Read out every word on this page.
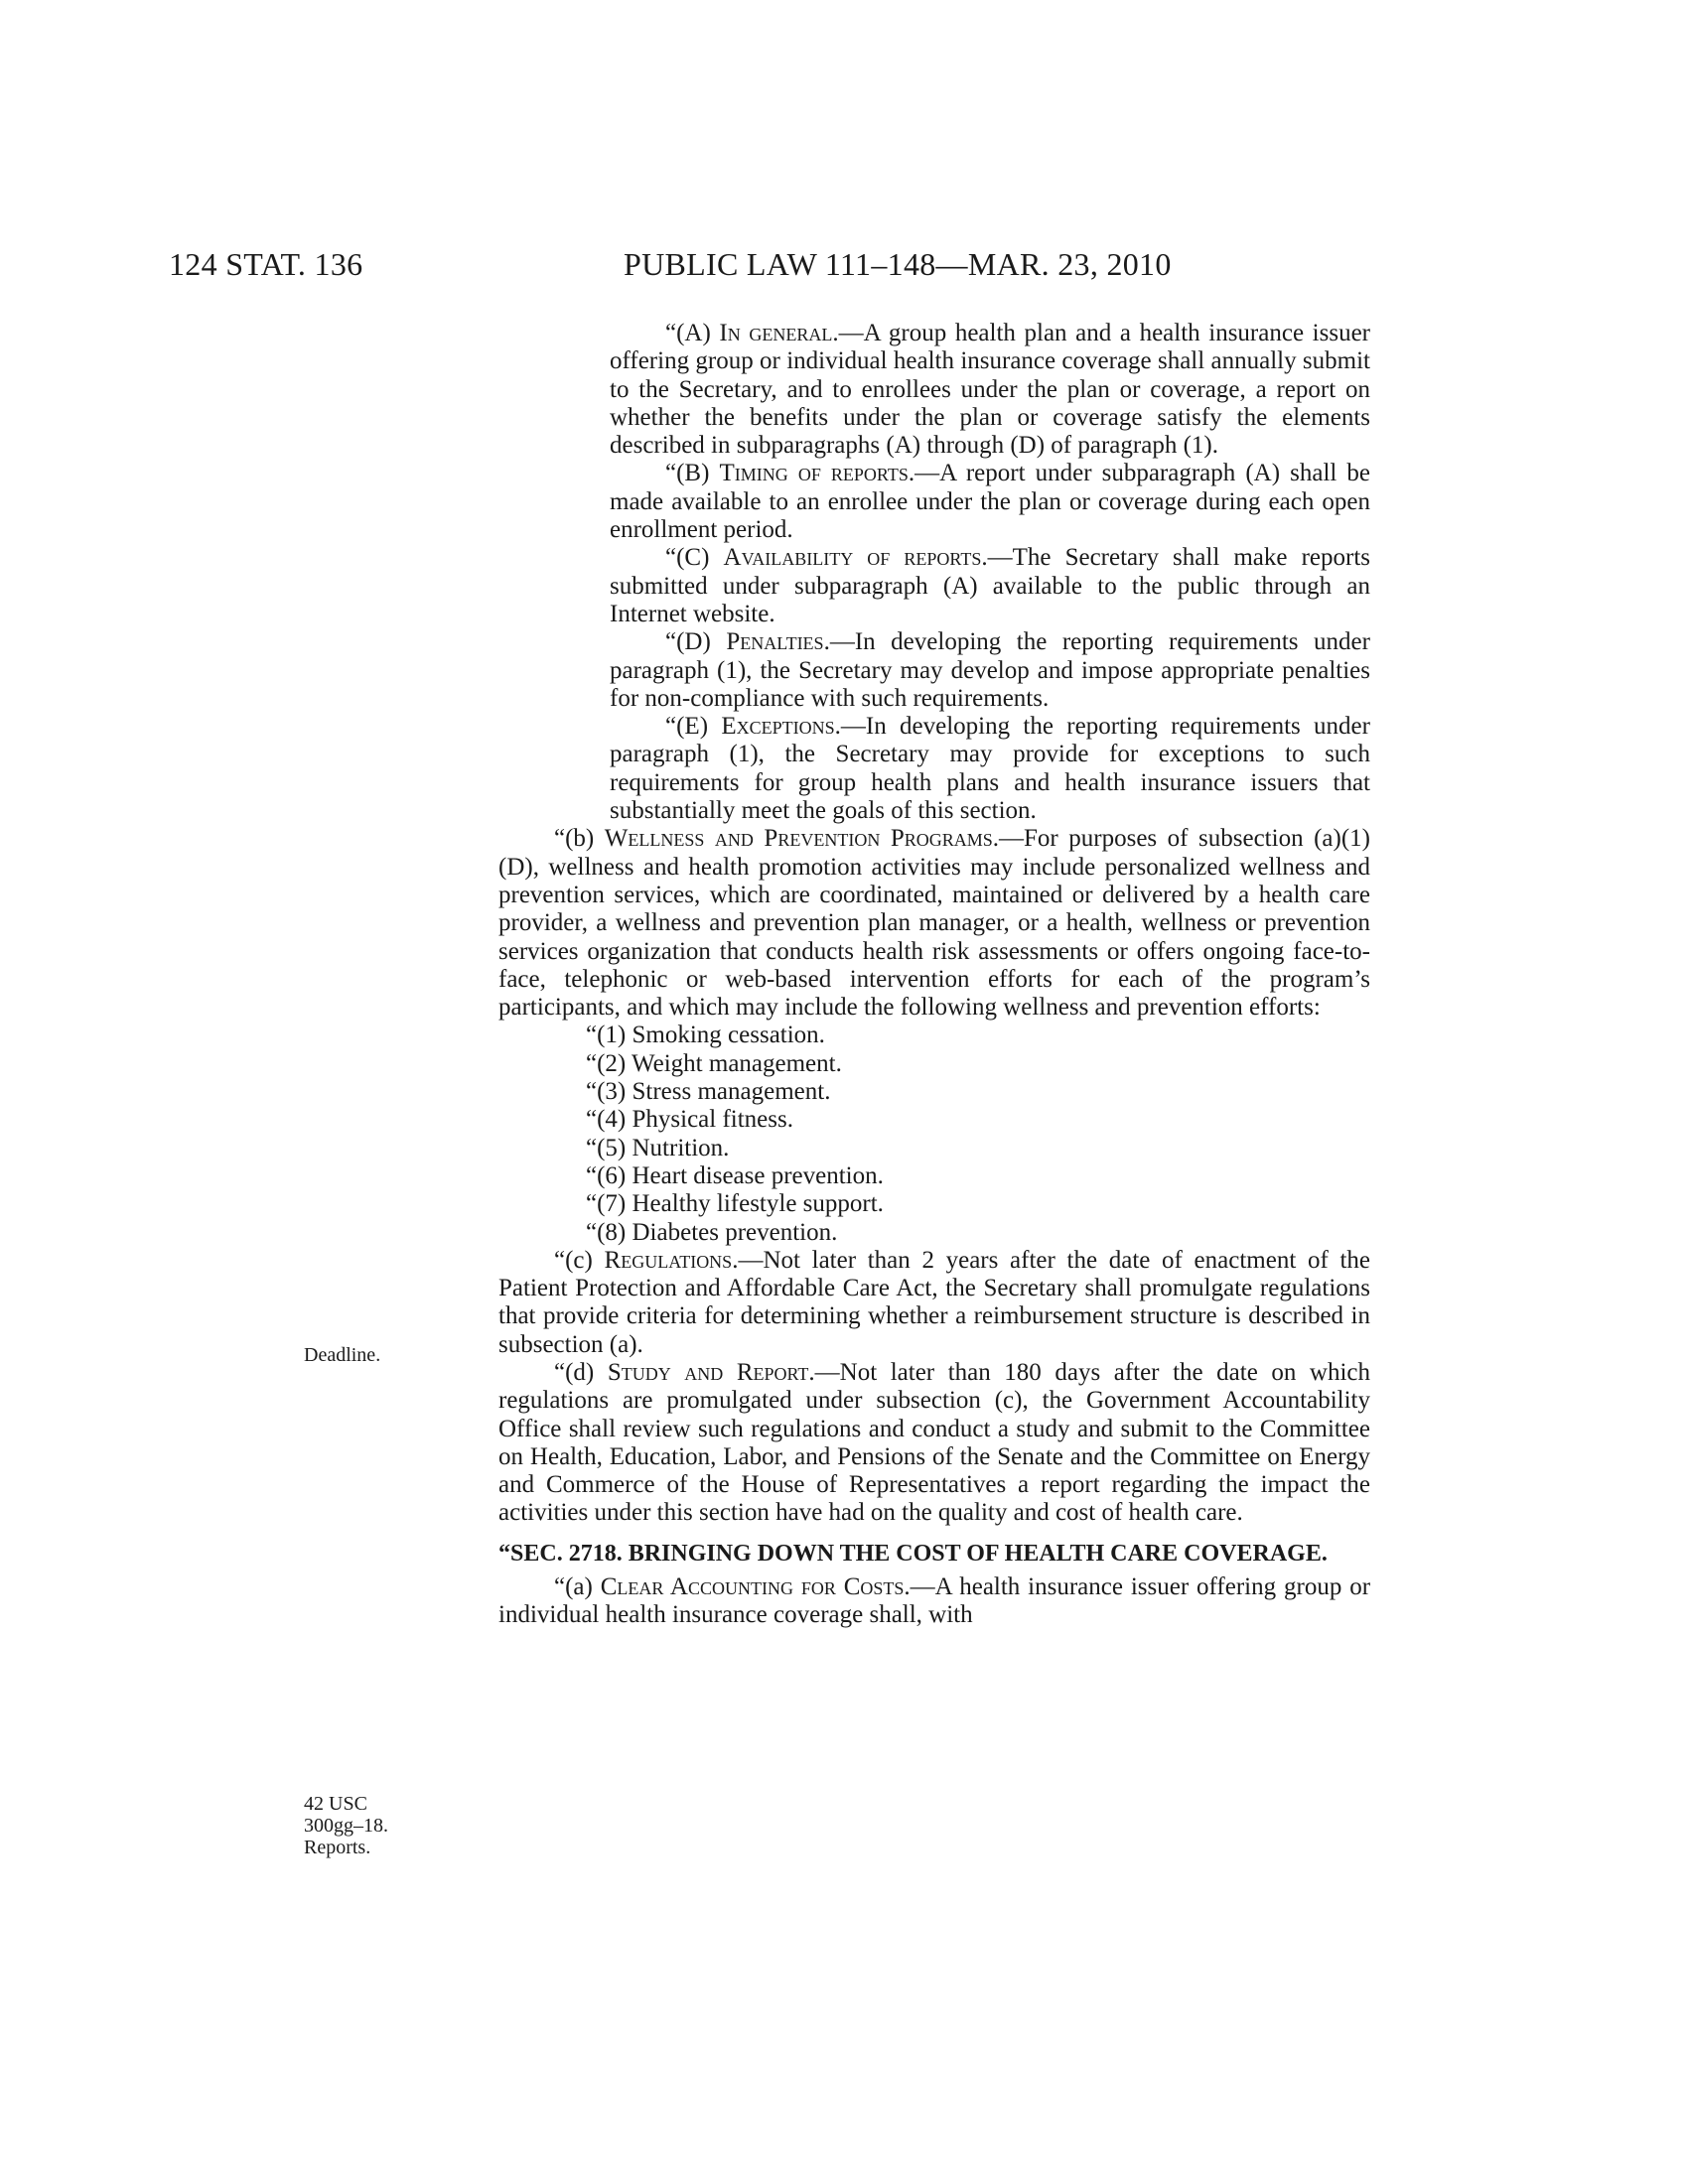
124 STAT. 136	PUBLIC LAW 111–148—MAR. 23, 2010
Deadline.
42 USC
300gg–18.
Reports.

“(A) In general.—A group health plan and a health insurance issuer offering group or individual health insurance coverage shall annually submit to the Secretary, and to enrollees under the plan or coverage, a report on whether the benefits under the plan or coverage satisfy the elements described in subparagraphs (A) through (D) of paragraph (1).

“(B) Timing of reports.—A report under subparagraph (A) shall be made available to an enrollee under the plan or coverage during each open enrollment period.

“(C) Availability of reports.—The Secretary shall make reports submitted under subparagraph (A) available to the public through an Internet website.

“(D) Penalties.—In developing the reporting requirements under paragraph (1), the Secretary may develop and impose appropriate penalties for non-compliance with such requirements.

“(E) Exceptions.—In developing the reporting requirements under paragraph (1), the Secretary may provide for exceptions to such requirements for group health plans and health insurance issuers that substantially meet the goals of this section.

“(b) Wellness and Prevention Programs.—For purposes of subsection (a)(1)(D), wellness and health promotion activities may include personalized wellness and prevention services, which are coordinated, maintained or delivered by a health care provider, a wellness and prevention plan manager, or a health, wellness or prevention services organization that conducts health risk assessments or offers ongoing face-to-face, telephonic or web-based intervention efforts for each of the program’s participants, and which may include the following wellness and prevention efforts:

“(1) Smoking cessation.

“(2) Weight management.

“(3) Stress management.

“(4) Physical fitness.

“(5) Nutrition.

“(6) Heart disease prevention.

“(7) Healthy lifestyle support.

“(8) Diabetes prevention.

“(c) Regulations.—Not later than 2 years after the date of enactment of the Patient Protection and Affordable Care Act, the Secretary shall promulgate regulations that provide criteria for determining whether a reimbursement structure is described in subsection (a).

“(d) Study and Report.—Not later than 180 days after the date on which regulations are promulgated under subsection (c), the Government Accountability Office shall review such regulations and conduct a study and submit to the Committee on Health, Education, Labor, and Pensions of the Senate and the Committee on Energy and Commerce of the House of Representatives a report regarding the impact the activities under this section have had on the quality and cost of health care.

“SEC. 2718. BRINGING DOWN THE COST OF HEALTH CARE COVERAGE.

“(a) Clear Accounting for Costs.—A health insurance issuer offering group or individual health insurance coverage shall, with
